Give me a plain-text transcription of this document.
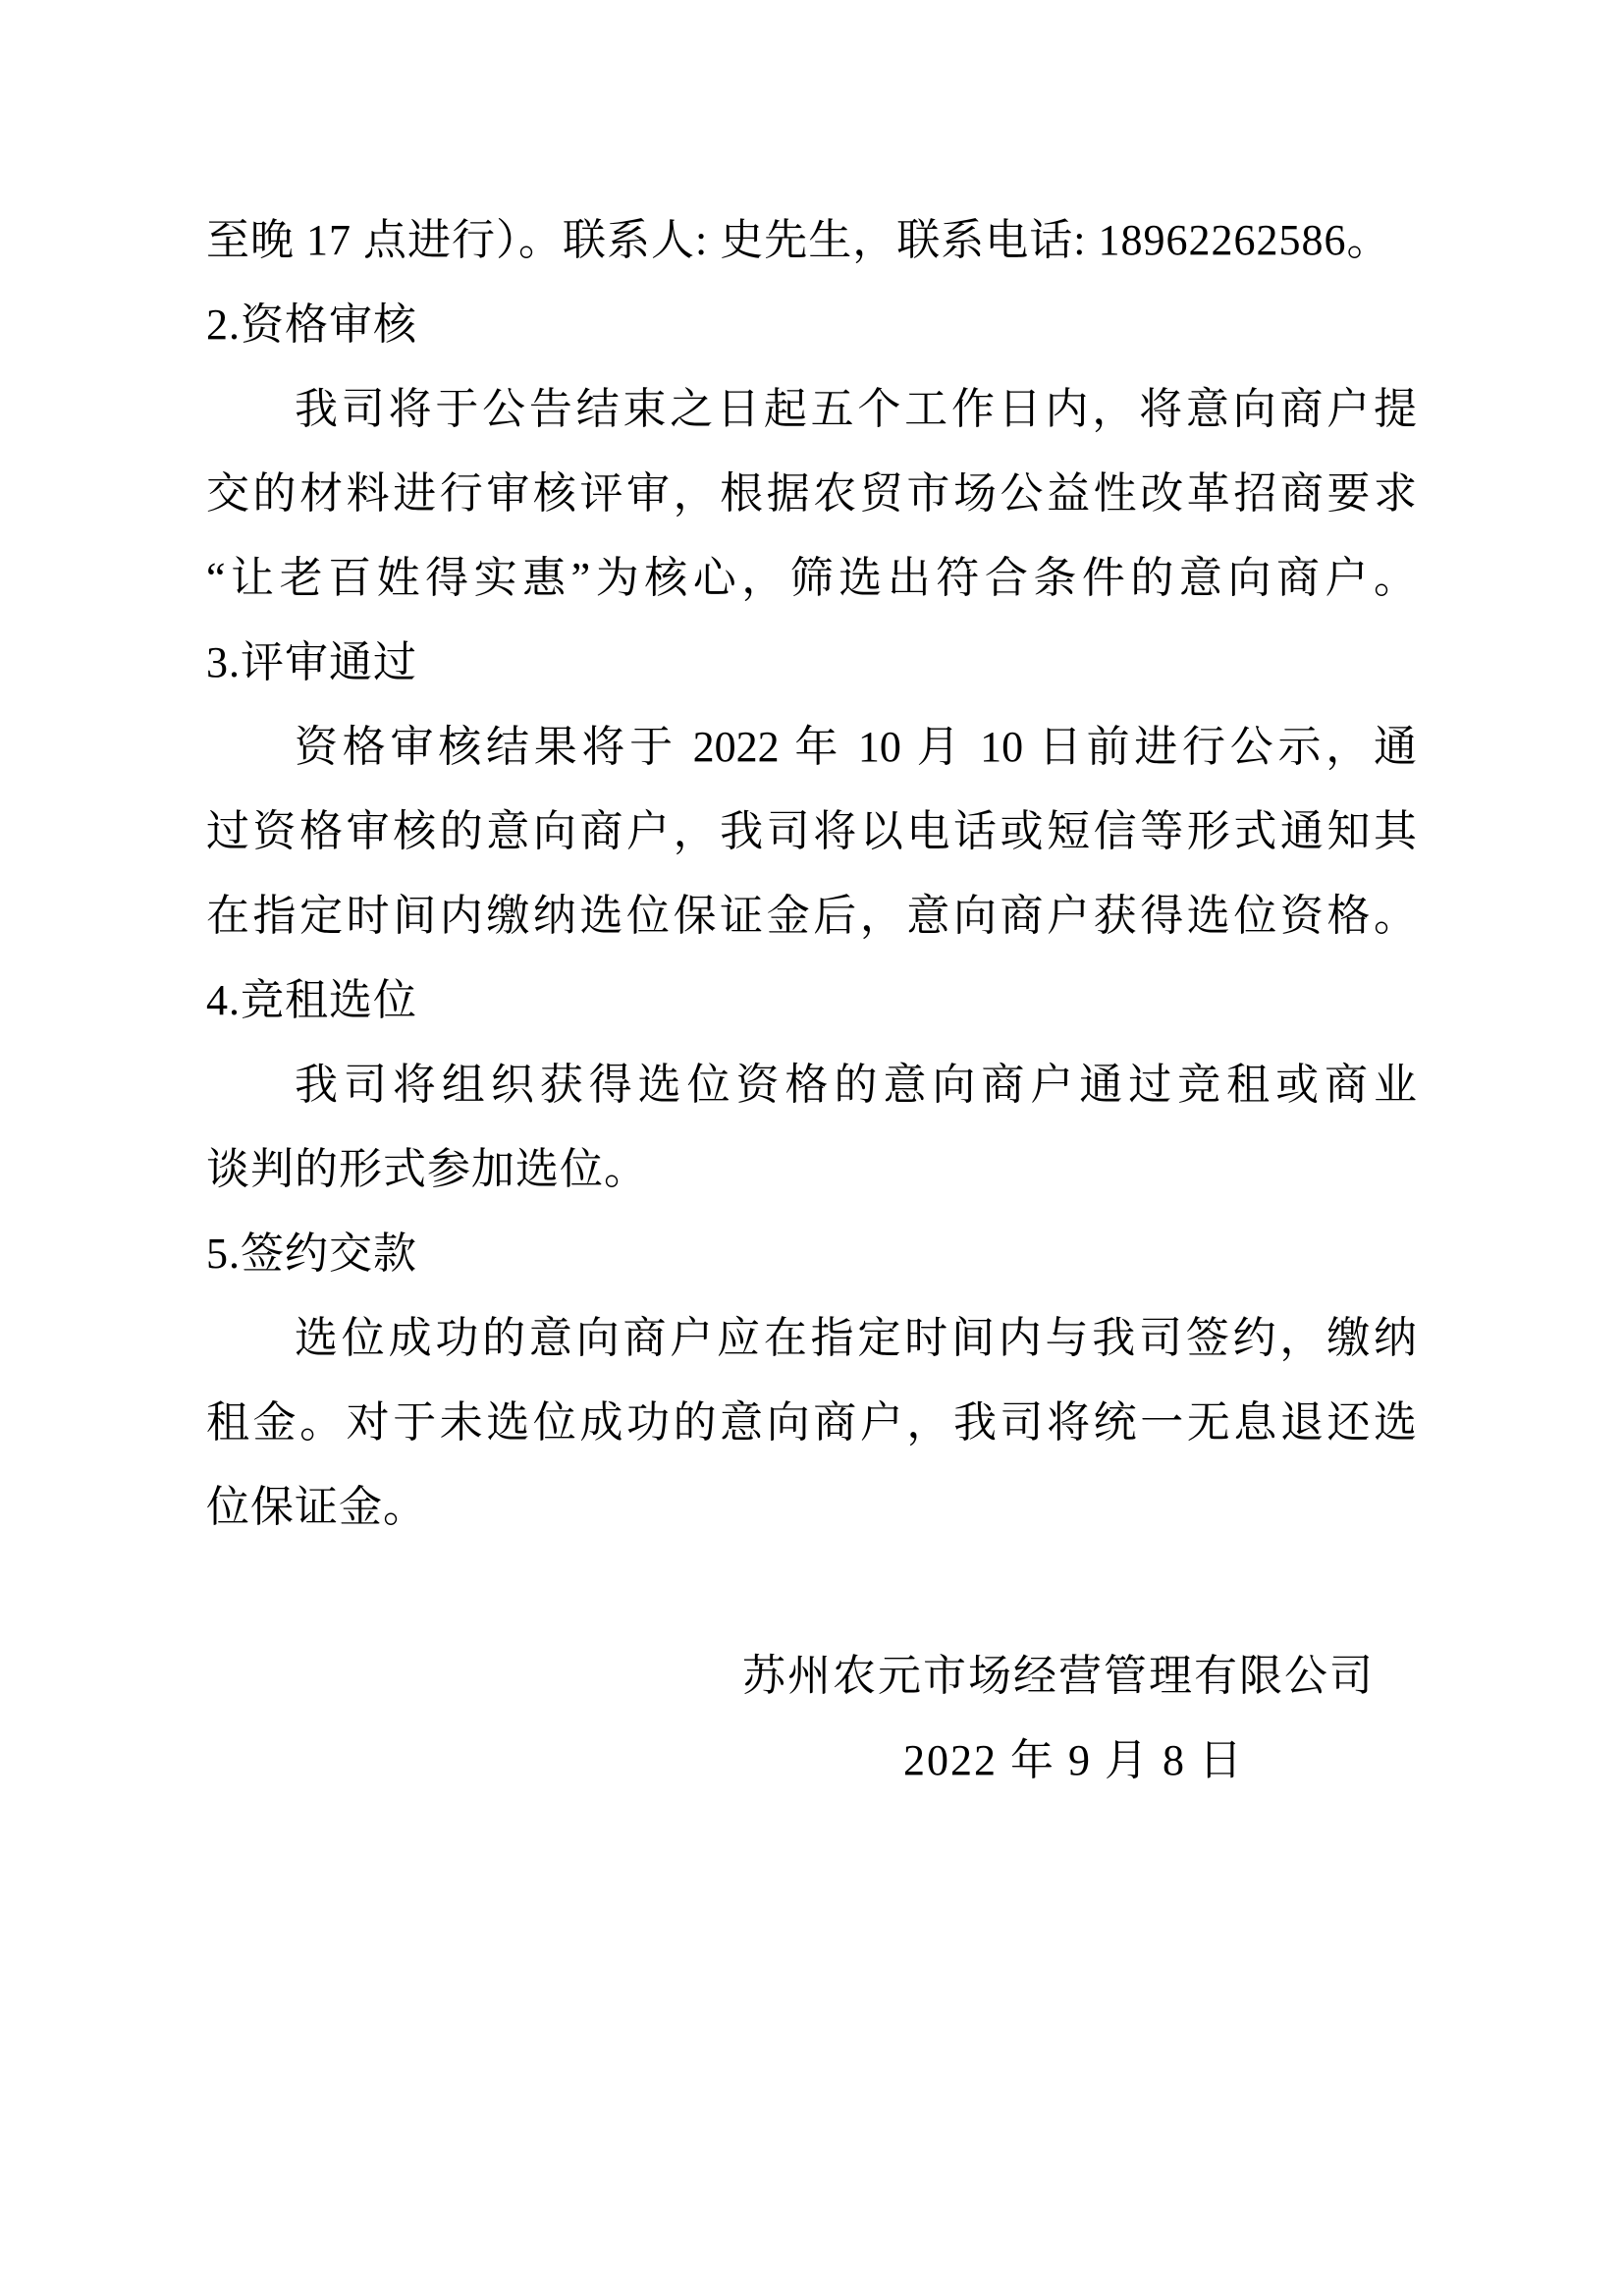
至晚 17 点进行）。联系人: 史先生，联系电话: 18962262586。
2.资格审核
我司将于公告结束之日起五个工作日内，将意向商户提
交的材料进行审核评审，根据农贸市场公益性改革招商要求
“让老百姓得实惠”为核心，筛选出符合条件的意向商户。
3.评审通过
资格审核结果将于 2022 年 10 月 10 日前进行公示，通
过资格审核的意向商户，我司将以电话或短信等形式通知其
在指定时间内缴纳选位保证金后，意向商户获得选位资格。
4.竞租选位
我司将组织获得选位资格的意向商户通过竞租或商业
谈判的形式参加选位。
5.签约交款
选位成功的意向商户应在指定时间内与我司签约，缴纳
租金。对于未选位成功的意向商户，我司将统一无息退还选
位保证金。
苏州农元市场经营管理有限公司
2022 年 9 月 8 日
